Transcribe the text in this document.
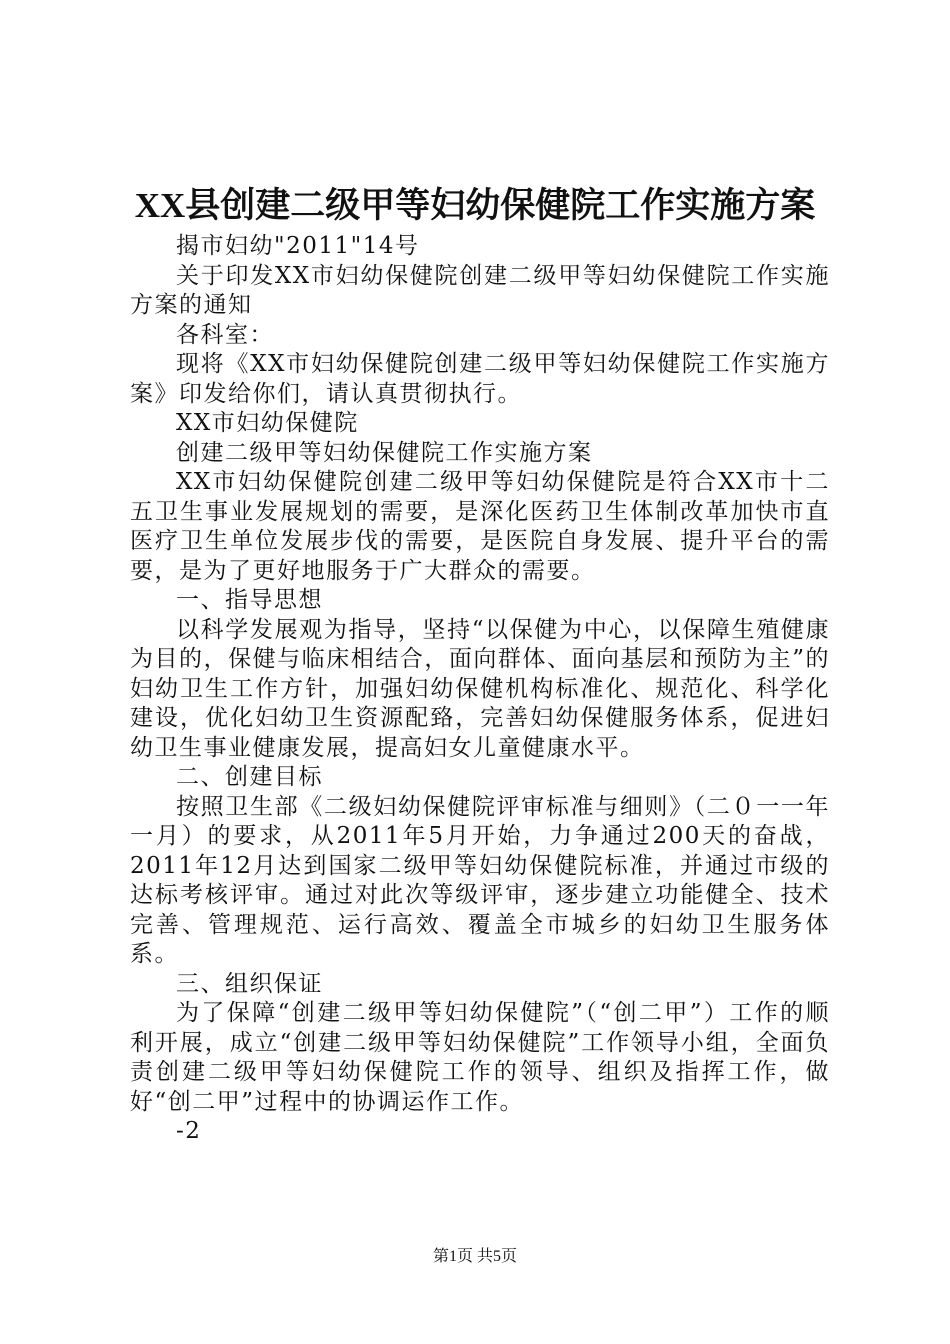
XX县创建二级甲等妇幼保健院工作实施方案

揭市妇幼"2011"14号

关于印发XX市妇幼保健院创建二级甲等妇幼保健院工作实施方案的通知

各科室：

现将《XX市妇幼保健院创建二级甲等妇幼保健院工作实施方案》印发给你们，请认真贯彻执行。

XX市妇幼保健院

创建二级甲等妇幼保健院工作实施方案

XX市妇幼保健院创建二级甲等妇幼保健院是符合XX市十二五卫生事业发展规划的需要，是深化医药卫生体制改革加快市直医疗卫生单位发展步伐的需要，是医院自身发展、提升平台的需要，是为了更好地服务于广大群众的需要。

一、指导思想

以科学发展观为指导，坚持“以保健为中心，以保障生殖健康为目的，保健与临床相结合，面向群体、面向基层和预防为主”的妇幼卫生工作方针，加强妇幼保健机构标准化、规范化、科学化建设，优化妇幼卫生资源配臵，完善妇幼保健服务体系，促进妇幼卫生事业健康发展，提高妇女儿童健康水平。

二、创建目标

按照卫生部《二级妇幼保健院评审标准与细则》（二０一一年一月）的要求，从2011年5月开始，力争通过200天的奋战，2011年12月达到国家二级甲等妇幼保健院标准，并通过市级的达标考核评审。通过对此次等级评审，逐步建立功能健全、技术完善、管理规范、运行高效、覆盖全市城乡的妇幼卫生服务体系。

三、组织保证

为了保障“创建二级甲等妇幼保健院”（“创二甲”）工作的顺利开展，成立“创建二级甲等妇幼保健院”工作领导小组，全面负责创建二级甲等妇幼保健院工作的领导、组织及指挥工作，做好“创二甲”过程中的协调运作工作。

-2

第1页 共5页
